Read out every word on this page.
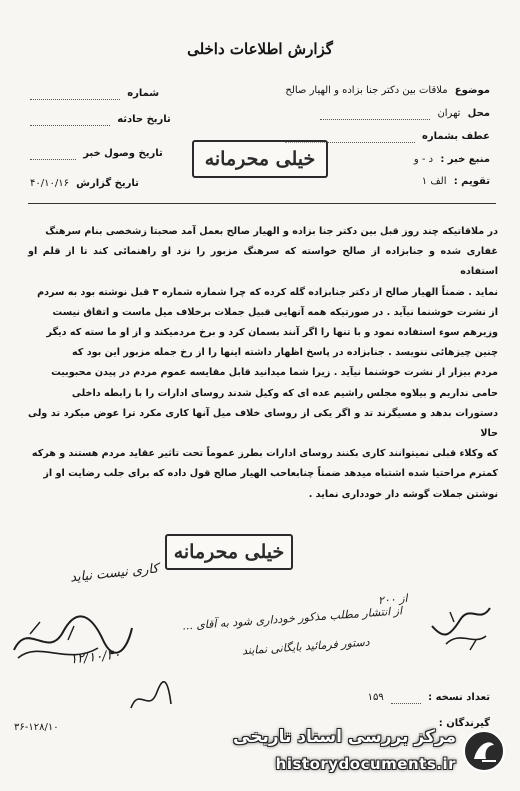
گزارش اطلاعات داخلی
موضوع ملاقات بین دکتر جنا بزاده و الهیار صالح
محل تهران
عطف بشماره
منبع خبر : د - و
تقویم : الف ۱
شماره
تاریخ حادثه
تاریخ وصول خبر
تاریخ گزارش ۴۰/۱۰/۱۶
خیلی محرمانه
در ملاقاتیکه چند روز قبل بین دکتر جنا بزاده و الهیار صالح بعمل آمد صحبتا زشخصی بنام سرهنگ
غفاری شده و جنابزاده از صالح خواسته که سرهنگ مزبور را نزد او راهنمائی کند تا از قلم او استفاده
نماید . ضمناً الهیار صالح از دکتر جنابزاده گله کرده که چرا شماره شماره ۳ قبل نوشته بود به سردم
از نشرت خوشنما نیآید . در صورتیکه همه آنهایی قبیل جملات برخلاف میل ماست و اتفاق نیست
وزیرهم سوء استفاده نمود و با تنها را اگر آنند بسمان کرد و برخ مردمیکند و از او ما سته که دیگر
چنین چیزهائی ننویسد . جنابزاده در پاسخ اظهار داشته اینها را از رخ جمله مزبور این بود که
مردم بیزار از نشرت خوشنما نیآید . زیرا شما میدانید قابل مقایسه عموم مردم در پیدن محبوبیت
حامی نداریم و بیلاوه مجلس راشیم عده ای که وکیل شدند روسای ادارات را با رابطه داخلی
دستورات بدهد و مسیگرند تد و اگر یکی از روسای خلاف میل آنها کاری مکرد ترا عوض میکرد تد ولی حالا
که وکلاء قبلی نمیتوانند کاری بکنند روسای ادارات بطرز عموماً تحت تاثیر عقاید مردم هستند و هرکه
کمترم مراحتیا شده اشتباه میدهد ضمناً چنابعاحب الهیار صالح قول داده که برای جلب رضایت او از
نوشتن جملات گوشه دار خودداری نماید .
خیلی محرمانه
کاری نیست نیاید
از ۲۰۰
از انتشار مطلب مذکور خودداری شود به آقای ...
دستور فرمائید بایگانی نمایند
۱۲/۱۰/۴۰
تعداد نسخه :  ۱۵۹
گیرندگان :
۳۶-۱۲۸/۱۰	مرکز بررسی اسناد تاریخی
historydocuments.ir
